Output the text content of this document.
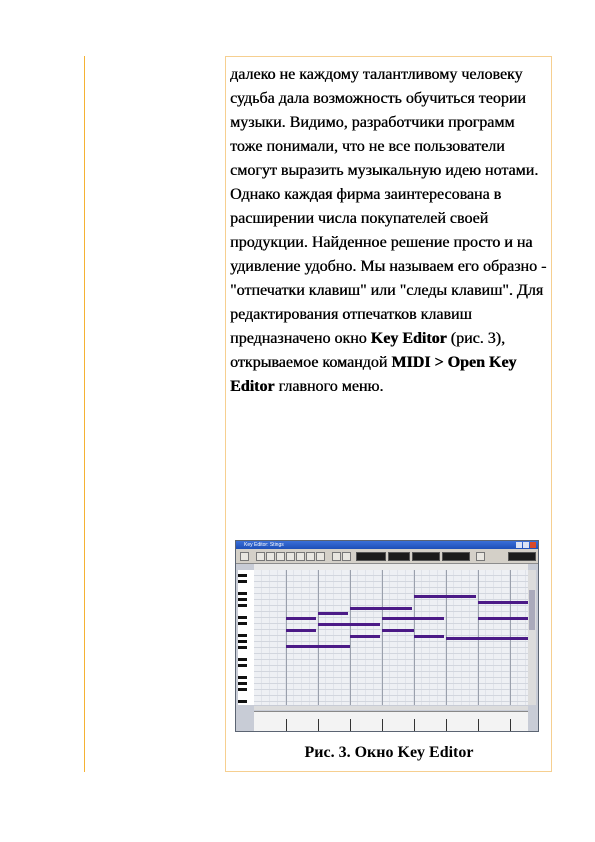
далеко не каждому талантливому человеку судьба дала возможность обучиться теории музыки. Видимо, разработчики программ тоже понимали, что не все пользователи смогут выразить музыкальную идею нотами. Однако каждая фирма заинтересована в расширении числа покупателей своей продукции. Найденное решение просто и на удивление удобно. Мы называем его образно - "отпечатки клавиш" или "следы клавиш". Для редактирования отпечатков клавиш предназначено окно Key Editor (рис. 3), открываемое командой MIDI > Open Key Editor главного меню.
Key Editor: Stings
Рис. 3. Окно Key Editor
